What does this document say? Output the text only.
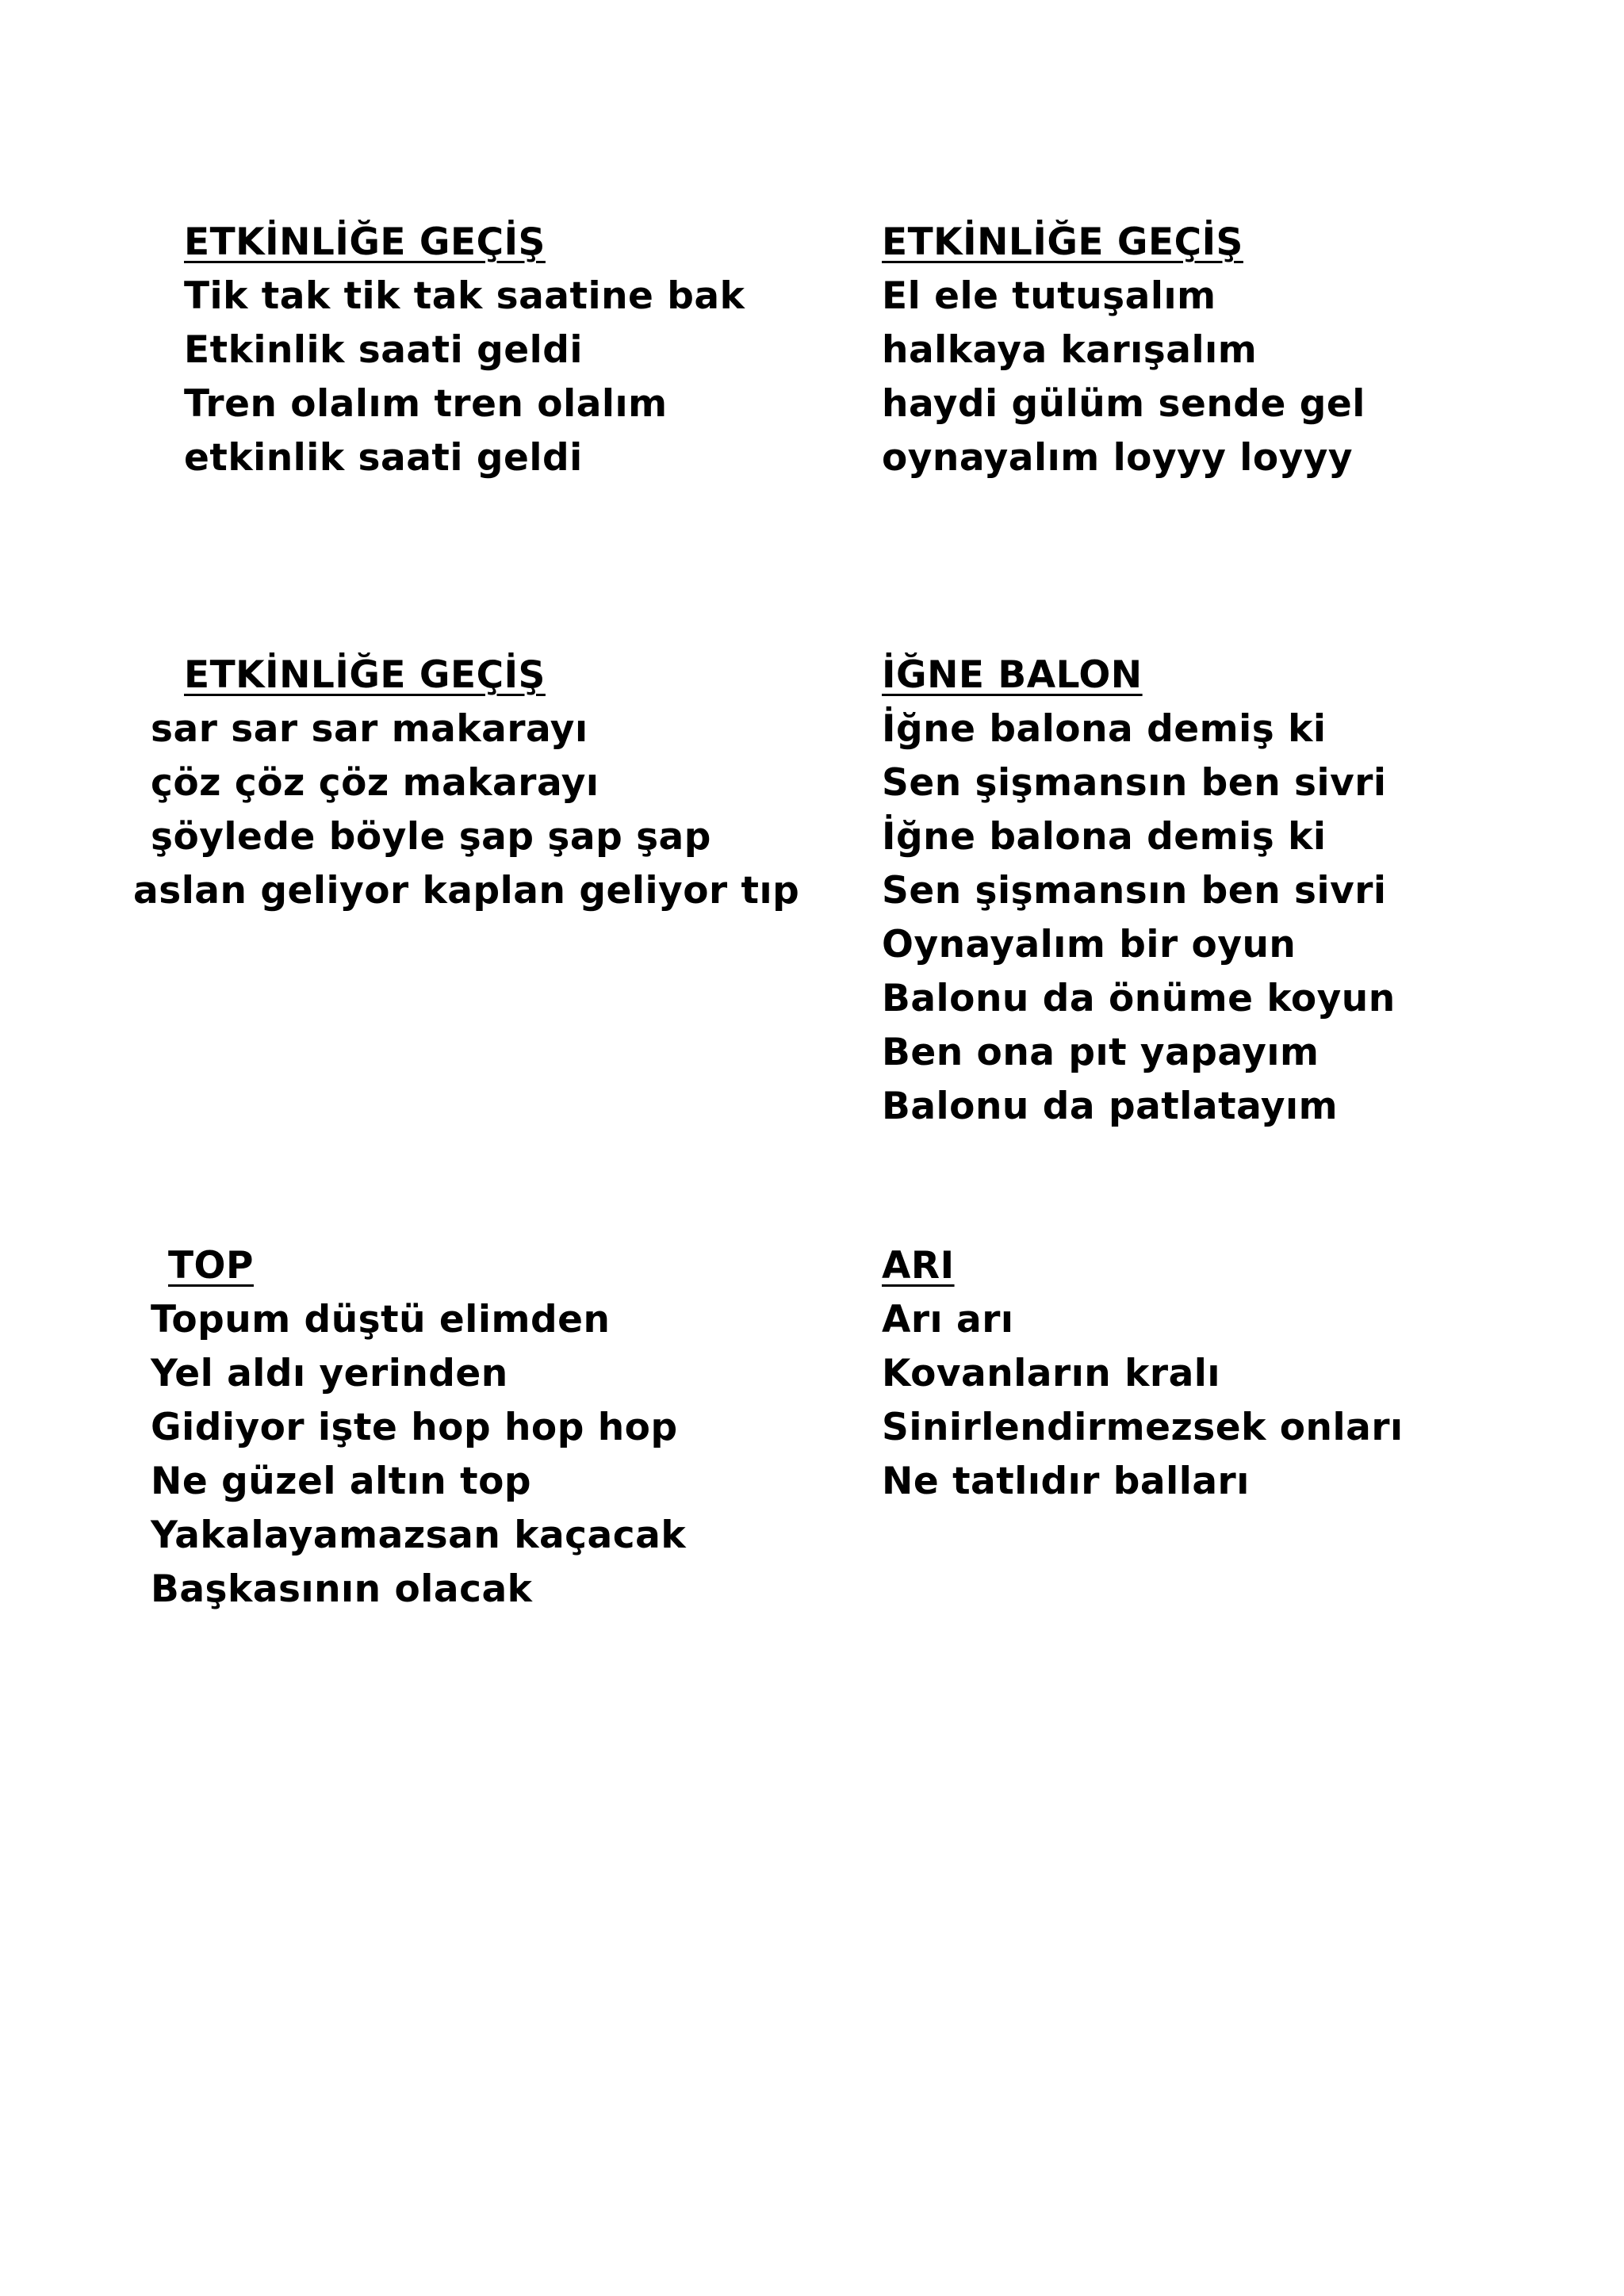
ETKİNLİĞE GEÇİŞ
Tik tak tik tak saatine bak
Etkinlik saati geldi
Tren olalım tren olalım
etkinlik saati geldi
ETKİNLİĞE GEÇİŞ
El ele tutuşalım
halkaya karışalım
haydi gülüm sende gel
oynayalım loyyy loyyy
ETKİNLİĞE GEÇİŞ
sar sar sar makarayı
çöz çöz çöz makarayı
şöylede böyle şap şap şap
aslan geliyor kaplan geliyor tıp
İĞNE BALON
İğne balona demiş ki
Sen şişmansın ben sivri
İğne balona demiş ki
Sen şişmansın ben sivri
Oynayalım bir oyun
Balonu da önüme koyun
Ben ona pıt yapayım
Balonu da patlatayım
TOP
Topum düştü elimden
Yel aldı yerinden
Gidiyor işte hop hop hop
Ne güzel altın top
Yakalayamazsan kaçacak
Başkasının olacak
ARI
Arı arı
Kovanların kralı
Sinirlendirmezsek onları
Ne tatlıdır balları
